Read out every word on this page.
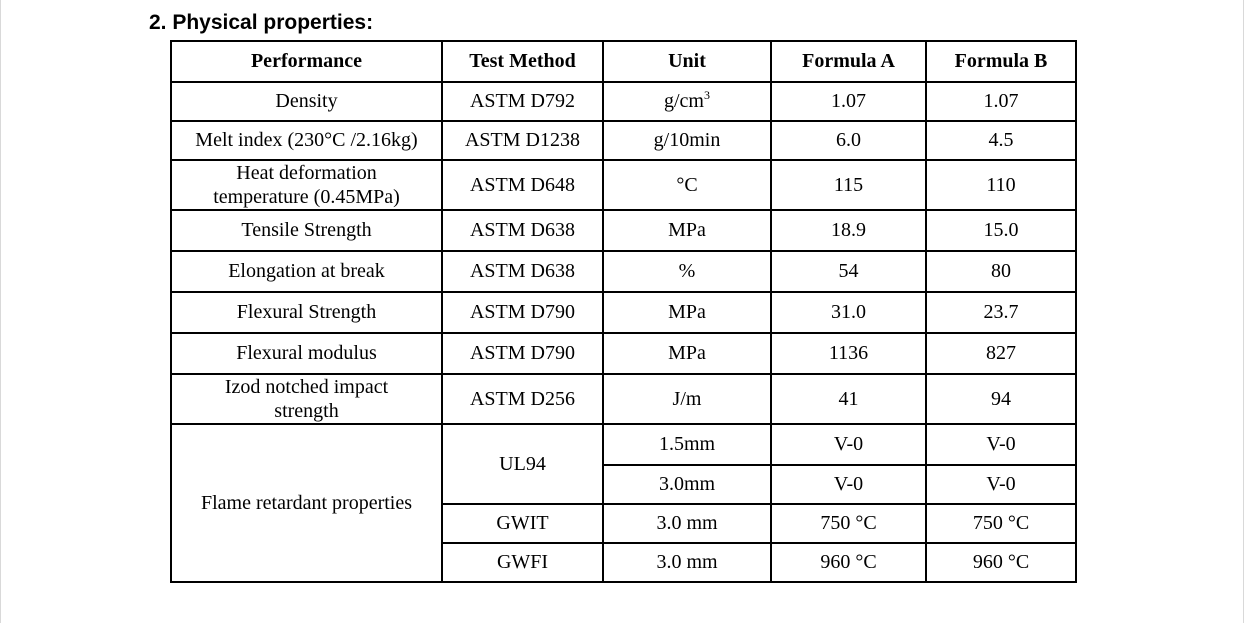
2. Physical properties:
Performance	Test Method	Unit	Formula A	Formula B
Density	ASTM D792	$g/cm^3$	1.07	1.07
Melt index (230°C /2.16kg)	ASTM D1238	g/10min	6.0	4.5

Heat deformation
temperature (0.45MPa)	ASTM D648	°C	115	110
Tensile Strength	ASTM D638	MPa	18.9	15.0
Elongation at break	ASTM D638	%	54	80
Flexural Strength	ASTM D790	MPa	31.0	23.7
Flexural modulus	ASTM D790	MPa	1136	827

Izod notched impact
strength	ASTM D256	J/m	41	94
Flame retardant properties	UL94	1.5mm	V-0	V-0
		3.0mm	V-0	V-0
	GWIT	3.0 mm	750 °C	750 °C
	GWFI	3.0 mm	960 °C	960 °C
